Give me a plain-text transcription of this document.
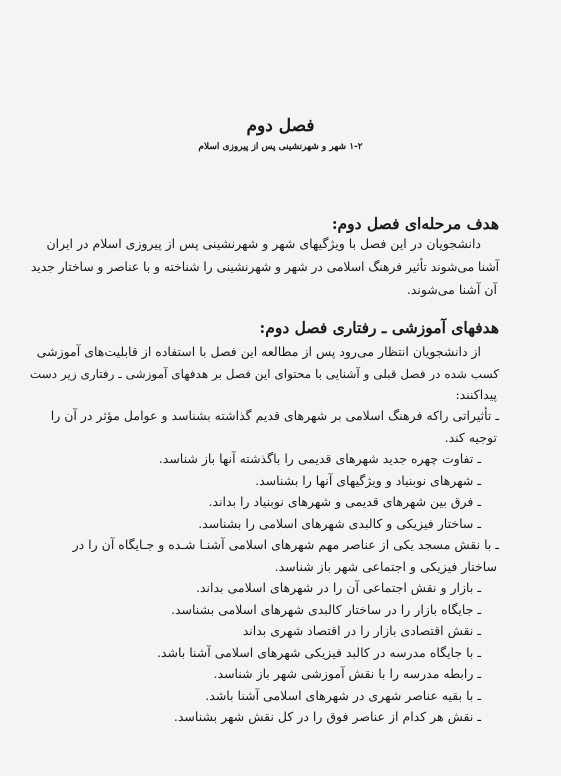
فصل دوم
۱-۲ شهر و شهرنشینی پس از پیروزی اسلام
هدف مرحله‌ای فصل دوم:
دانشجویان در این فصل با ویژگیهای شهر و شهرنشینی پس از پیروزی اسلام در ایران
آشنا می‌شوند تأثیر فرهنگ اسلامی در شهر و شهرنشینی را شناخته و با عناصر و ساختار جدید
آن آشنا می‌شوند.
هدفهای آموزشی ـ رفتاری فصل دوم:
از دانشجویان انتظار می‌رود پس از مطالعه این فصل با استفاده از قابلیت‌های آموزشی
کسب شده در فصل قبلی و آشنایی با محتوای این فصل بر هدفهای آموزشی ـ رفتاری زیر دست
پیداکنند:
ـ تأثیراتی راکه فرهنگ اسلامی بر شهرهای قدیم گذاشته بشناسد و عوامل مؤثر در آن را
توجیه کند.
ـ تفاوت چهره جدید شهرهای قدیمی را باگذشته آنها باز شناسد.
ـ شهرهای نوبنیاد و ویژگیهای آنها را بشناسد.
ـ فرق بین شهرهای قدیمی و شهرهای نوبنیاد را بداند.
ـ ساختار فیزیکی و کالبدی شهرهای اسلامی را بشناسد.
ـ با نقش مسجد یکی از عناصر مهم شهرهای اسلامی آشنـا شـده و جـایگاه آن را در
ساختار فیزیکی و اجتماعی شهر باز شناسد.
ـ بازار و نقش اجتماعی آن را در شهرهای اسلامی بداند.
ـ جایگاه بازار را در ساختار کالبدی شهرهای اسلامی بشناسد.
ـ نقش اقتصادی بازار را در اقتصاد شهری بداند
ـ با جایگاه مدرسه در کالبد فیزیکی شهرهای اسلامی آشنا باشد.
ـ رابطه مدرسه را با نقش آموزشی شهر باز شناسد.
ـ با بقیه عناصر شهری در شهرهای اسلامی آشنا باشد.
ـ نقش هر کدام از عناصر فوق را در کل نقش شهر بشناسد.
